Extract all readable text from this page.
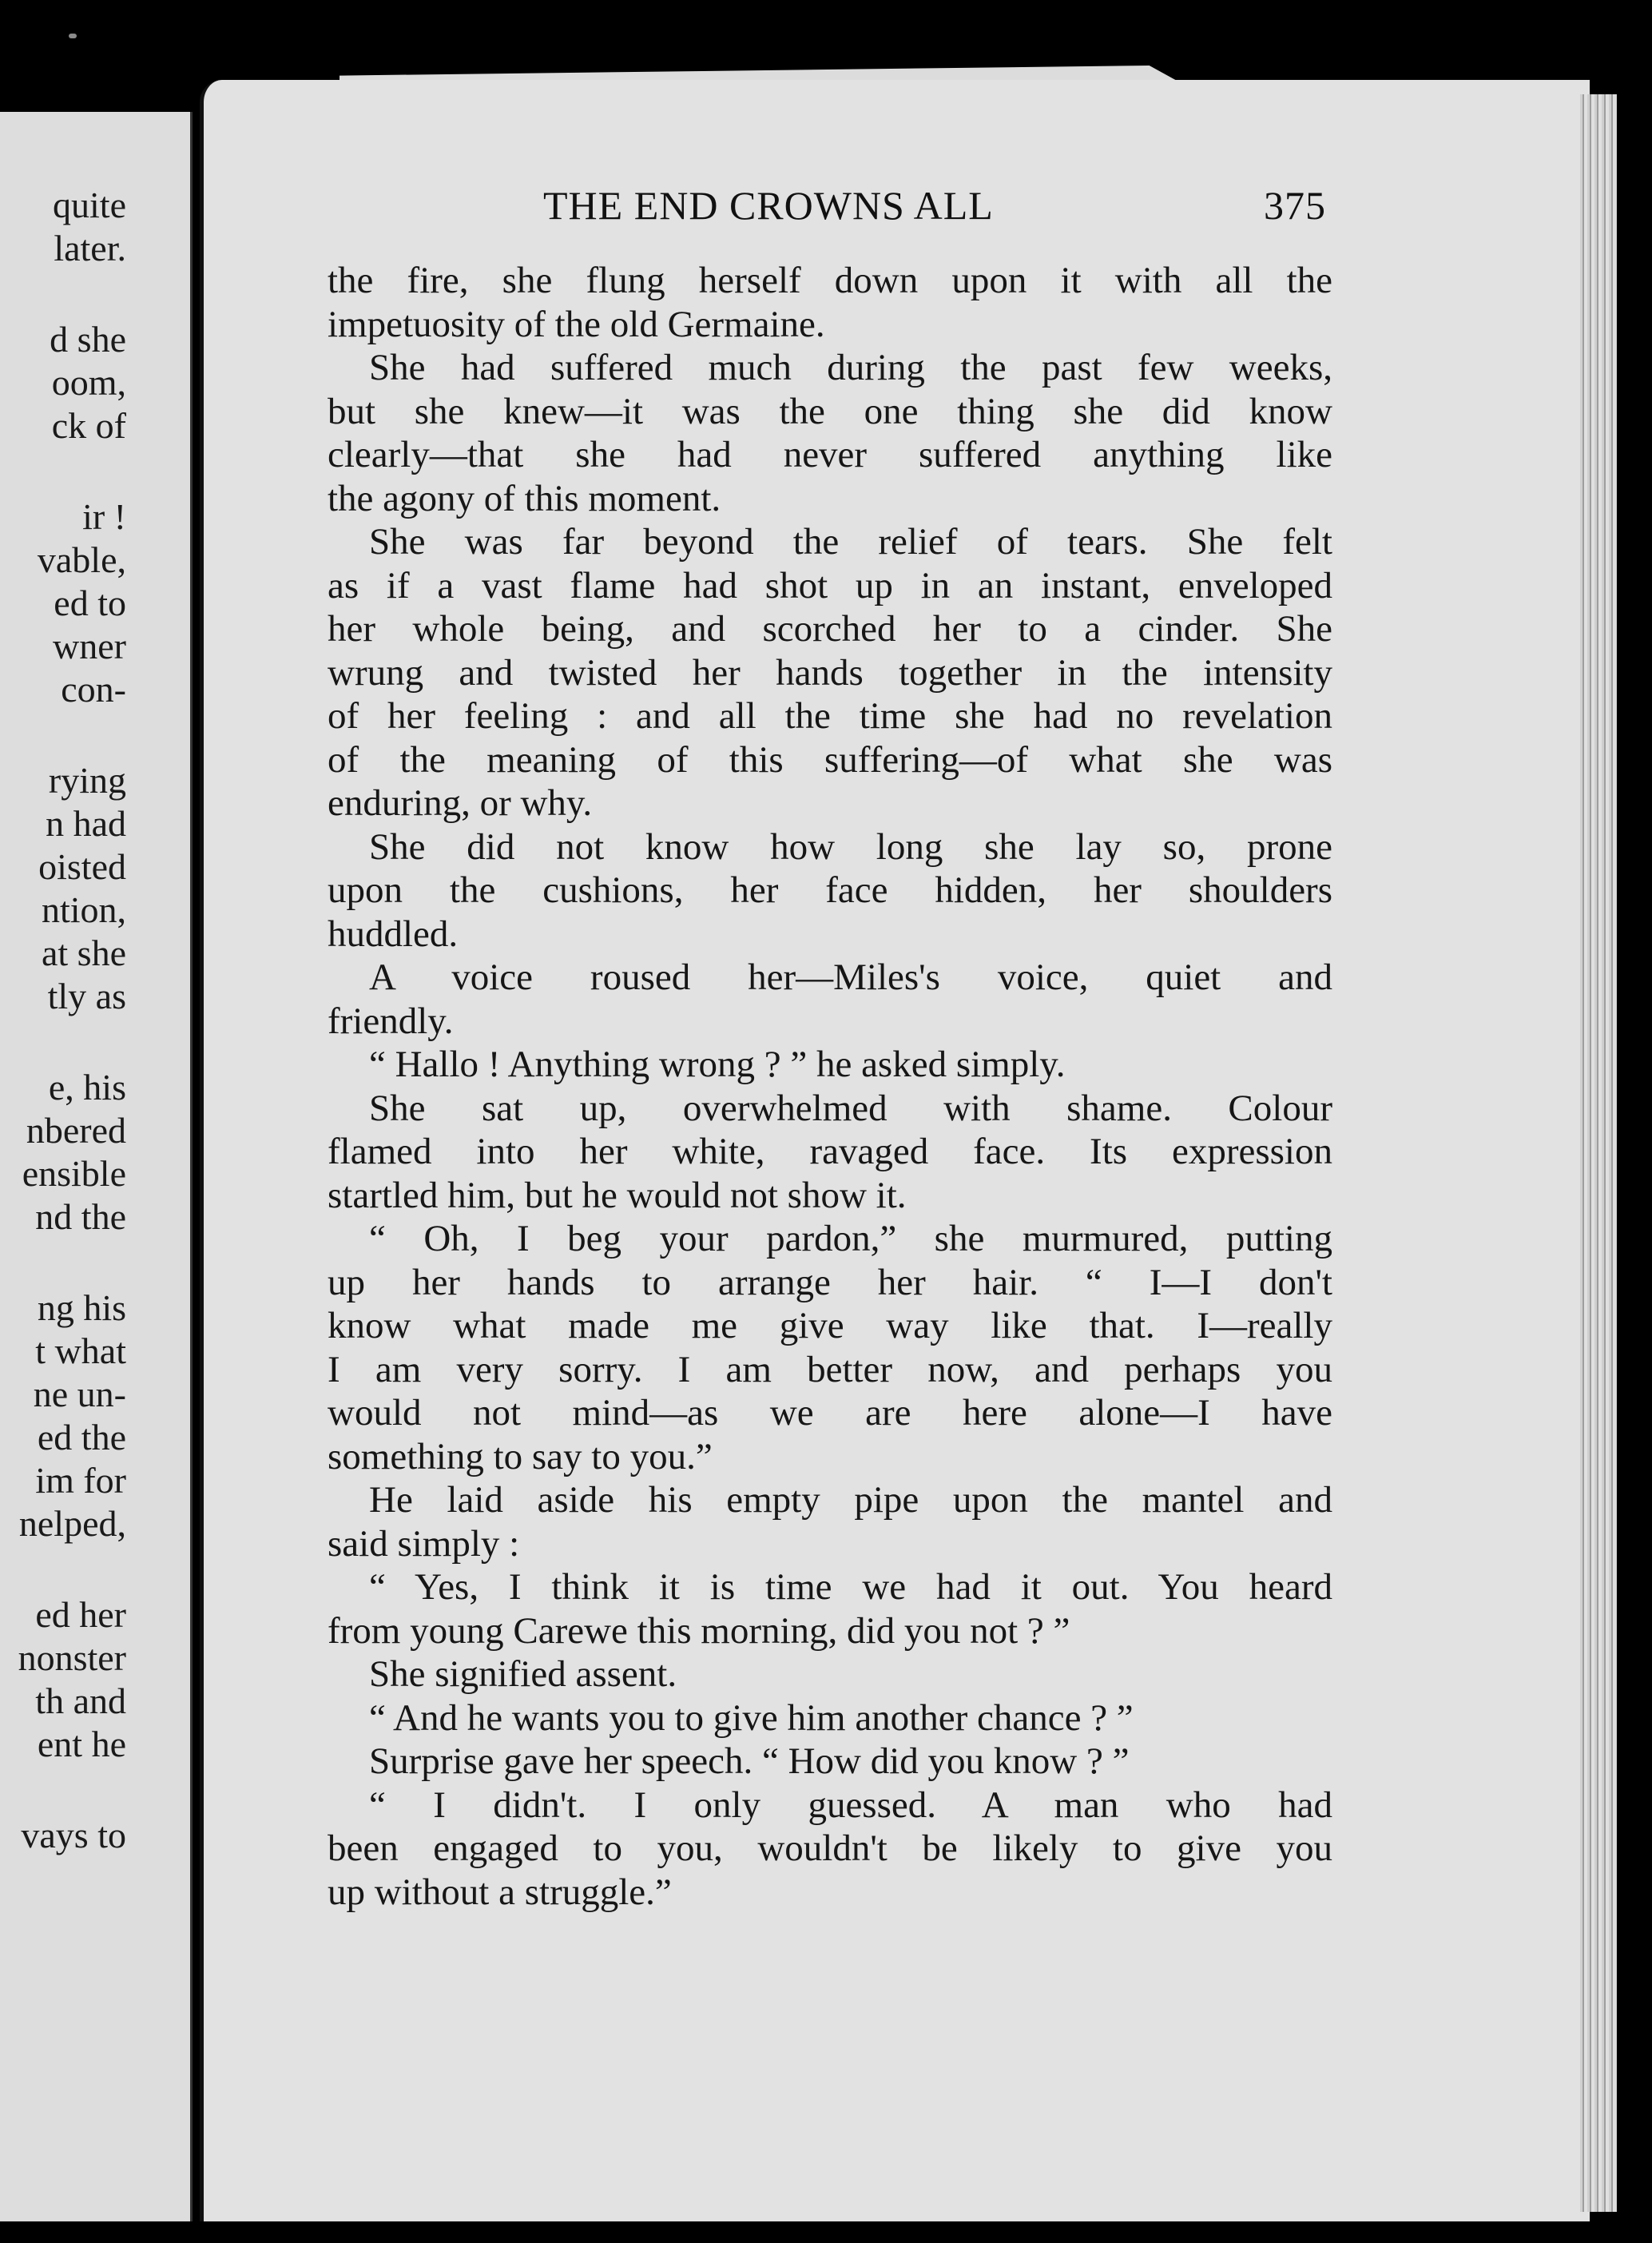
quite
later.
d she
oom,
ck of
ir !
vable,
ed to
wner
con-
rying
n had
oisted
ntion,
at she
tly as
e, his
nbered
ensible
nd the
ng his
t what
ne un-
ed the
im for
nelped,
ed her
nonster
th and
ent he
vays to
THE END CROWNS ALL	375
the fire, she flung herself down upon it with all the
impetuosity of the old Germaine.
She had suffered much during the past few weeks,
but she knew—it was the one thing she did know
clearly—that she had never suffered anything like
the agony of this moment.
She was far beyond the relief of tears. She felt
as if a vast flame had shot up in an instant, enveloped
her whole being, and scorched her to a cinder. She
wrung and twisted her hands together in the intensity
of her feeling : and all the time she had no revelation
of the meaning of this suffering—of what she was
enduring, or why.
She did not know how long she lay so, prone
upon the cushions, her face hidden, her shoulders
huddled.
A voice roused her—Miles's voice, quiet and
friendly.
“ Hallo ! Anything wrong ? ” he asked simply.
She sat up, overwhelmed with shame. Colour
flamed into her white, ravaged face. Its expression
startled him, but he would not show it.
“ Oh, I beg your pardon,” she murmured, putting
up her hands to arrange her hair. “ I—I don't
know what made me give way like that. I—really
I am very sorry. I am better now, and perhaps you
would not mind—as we are here alone—I have
something to say to you.”
He laid aside his empty pipe upon the mantel and
said simply :
“ Yes, I think it is time we had it out. You heard
from young Carewe this morning, did you not ? ”
She signified assent.
“ And he wants you to give him another chance ? ”
Surprise gave her speech. “ How did you know ? ”
“ I didn't. I only guessed. A man who had
been engaged to you, wouldn't be likely to give you
up without a struggle.”
